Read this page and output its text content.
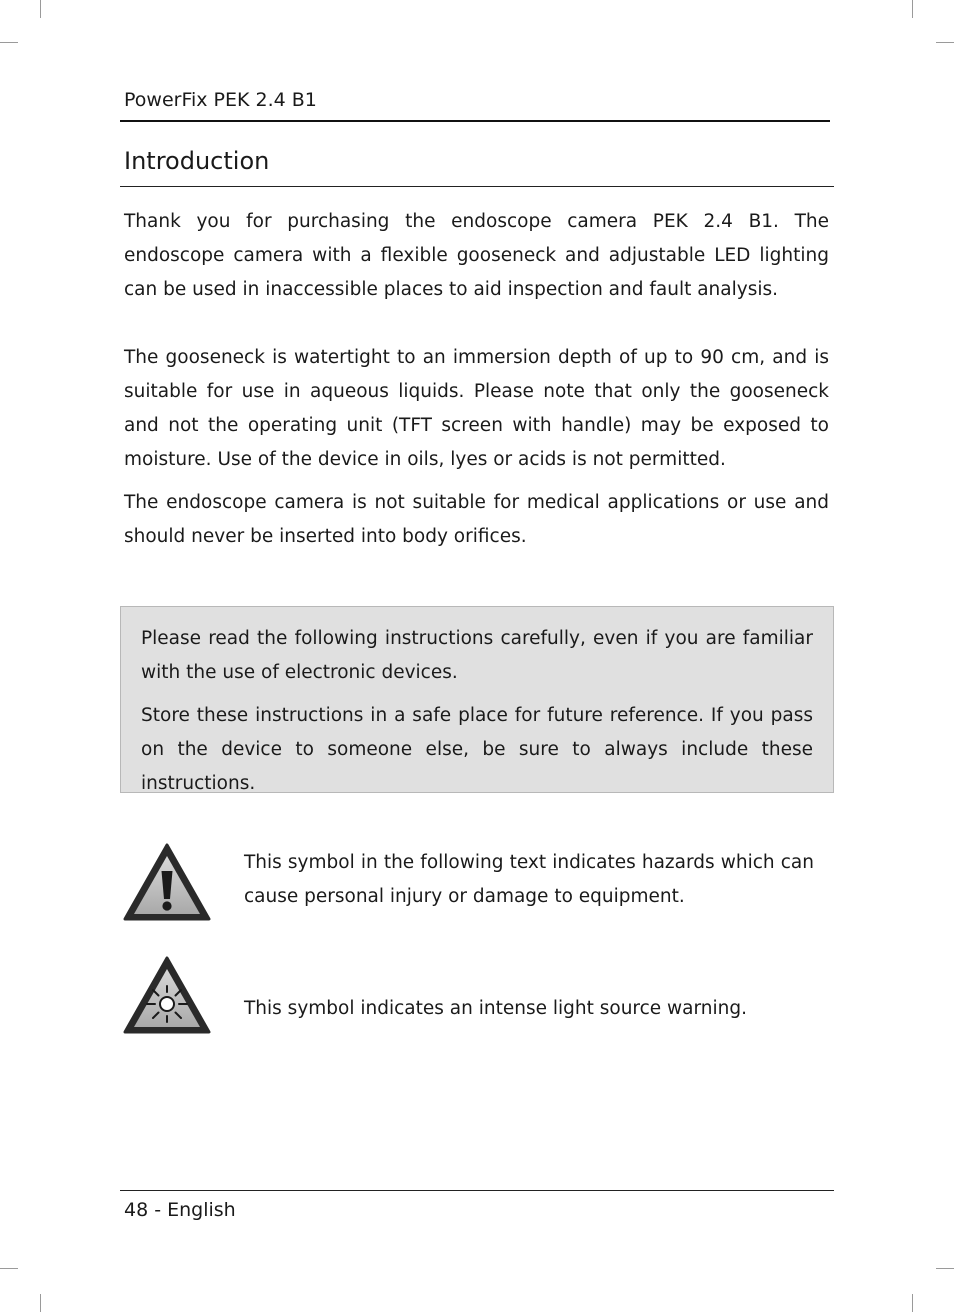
PowerFix PEK 2.4 B1
Introduction

Thank you for purchasing the endoscope camera PEK 2.4 B1. The endoscope camera with a flexible gooseneck and adjustable LED lighting can be used in inaccessible places to aid inspection and fault analysis.

The gooseneck is watertight to an immersion depth of up to 90 cm, and is suitable for use in aqueous liquids. Please note that only the gooseneck and not the operating unit (TFT screen with handle) may be exposed to moisture. Use of the device in oils, lyes or acids is not permitted.

The endoscope camera is not suitable for medical applications or use and should never be inserted into body orifices.

Please read the following instructions carefully, even if you are familiar with the use of electronic devices.

Store these instructions in a safe place for future reference. If you pass on the device to someone else, be sure to always include these instructions.

This symbol in the following text indicates hazards which can cause personal injury or damage to equipment.

This symbol indicates an intense light source warning.

48 - English
